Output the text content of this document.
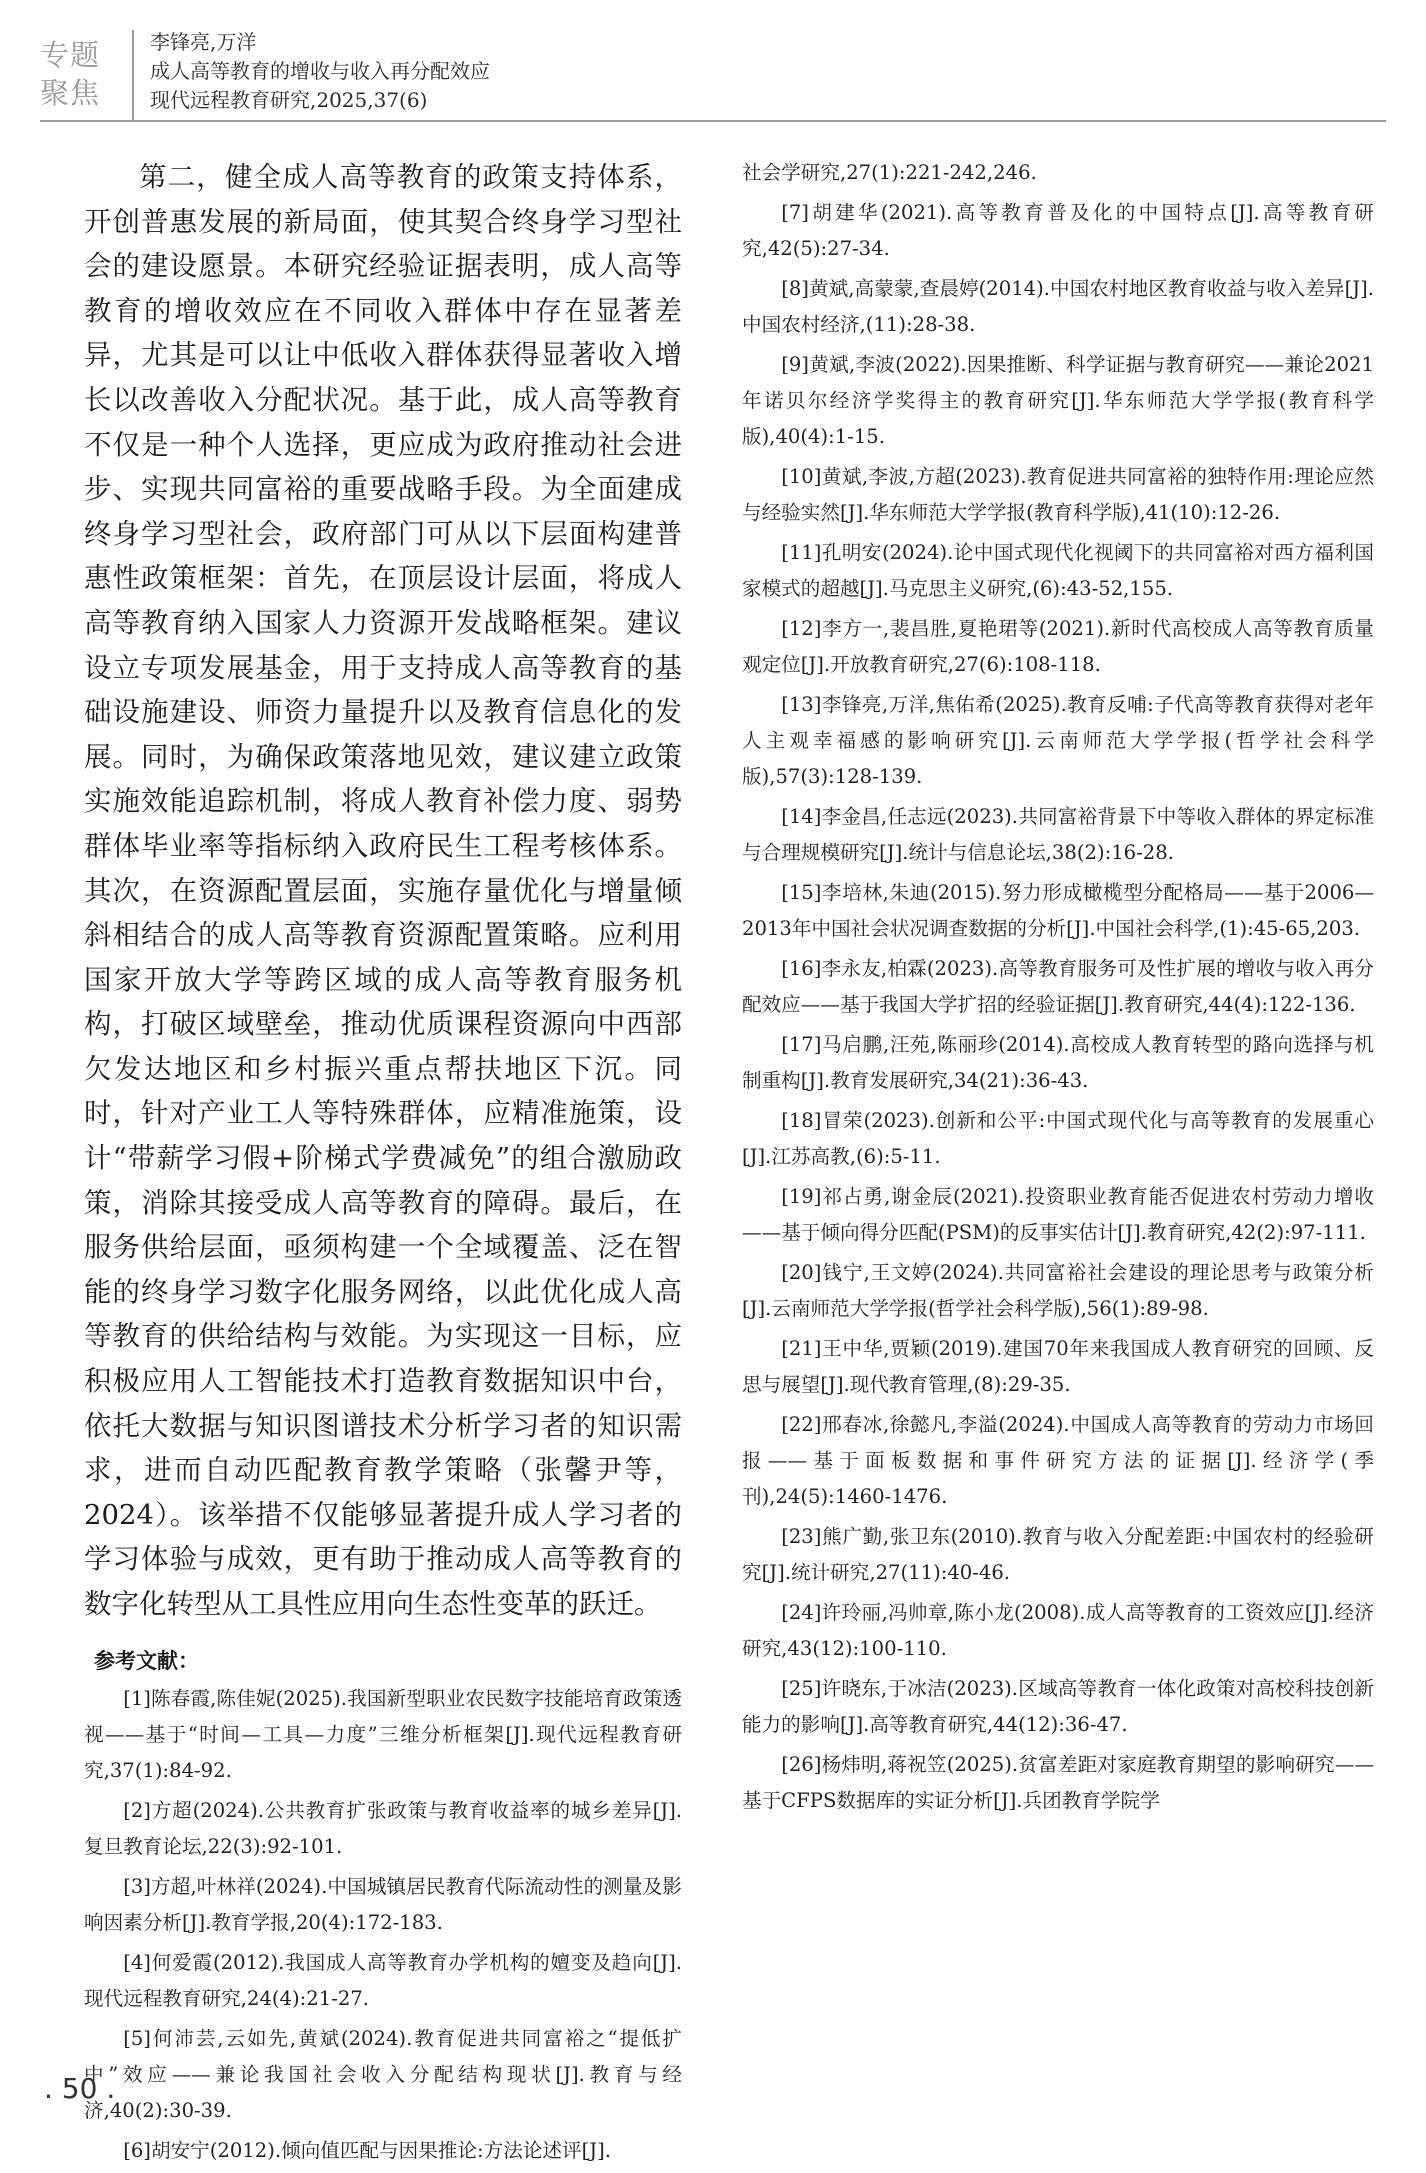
专题聚焦
李锋亮,万洋
成人高等教育的增收与收入再分配效应
现代远程教育研究,2025,37(6)

第二，健全成人高等教育的政策支持体系，开创普惠发展的新局面，使其契合终身学习型社会的建设愿景。本研究经验证据表明，成人高等教育的增收效应在不同收入群体中存在显著差异，尤其是可以让中低收入群体获得显著收入增长以改善收入分配状况。基于此，成人高等教育不仅是一种个人选择，更应成为政府推动社会进步、实现共同富裕的重要战略手段。为全面建成终身学习型社会，政府部门可从以下层面构建普惠性政策框架：首先，在顶层设计层面，将成人高等教育纳入国家人力资源开发战略框架。建议设立专项发展基金，用于支持成人高等教育的基础设施建设、师资力量提升以及教育信息化的发展。同时，为确保政策落地见效，建议建立政策实施效能追踪机制，将成人教育补偿力度、弱势群体毕业率等指标纳入政府民生工程考核体系。其次，在资源配置层面，实施存量优化与增量倾斜相结合的成人高等教育资源配置策略。应利用国家开放大学等跨区域的成人高等教育服务机构，打破区域壁垒，推动优质课程资源向中西部欠发达地区和乡村振兴重点帮扶地区下沉。同时，针对产业工人等特殊群体，应精准施策，设计“带薪学习假+阶梯式学费减免”的组合激励政策，消除其接受成人高等教育的障碍。最后，在服务供给层面，亟须构建一个全域覆盖、泛在智能的终身学习数字化服务网络，以此优化成人高等教育的供给结构与效能。为实现这一目标，应积极应用人工智能技术打造教育数据知识中台，依托大数据与知识图谱技术分析学习者的知识需求，进而自动匹配教育教学策略（张馨尹等，2024）。该举措不仅能够显著提升成人学习者的学习体验与成效，更有助于推动成人高等教育的数字化转型从工具性应用向生态性变革的跃迁。

参考文献：

[1]陈春霞,陈佳妮(2025).我国新型职业农民数字技能培育政策透视——基于“时间—工具—力度”三维分析框架[J].现代远程教育研究,37(1):84-92.

[2]方超(2024).公共教育扩张政策与教育收益率的城乡差异[J].复旦教育论坛,22(3):92-101.

[3]方超,叶林祥(2024).中国城镇居民教育代际流动性的测量及影响因素分析[J].教育学报,20(4):172-183.

[4]何爱霞(2012).我国成人高等教育办学机构的嬗变及趋向[J].现代远程教育研究,24(4):21-27.

[5]何沛芸,云如先,黄斌(2024).教育促进共同富裕之“提低扩中”效应——兼论我国社会收入分配结构现状[J].教育与经济,40(2):30-39.

[6]胡安宁(2012).倾向值匹配与因果推论:方法论述评[J].

社会学研究,27(1):221-242,246.

[7]胡建华(2021).高等教育普及化的中国特点[J].高等教育研究,42(5):27-34.

[8]黄斌,高蒙蒙,查晨婷(2014).中国农村地区教育收益与收入差异[J].中国农村经济,(11):28-38.

[9]黄斌,李波(2022).因果推断、科学证据与教育研究——兼论2021年诺贝尔经济学奖得主的教育研究[J].华东师范大学学报(教育科学版),40(4):1-15.

[10]黄斌,李波,方超(2023).教育促进共同富裕的独特作用:理论应然与经验实然[J].华东师范大学学报(教育科学版),41(10):12-26.

[11]孔明安(2024).论中国式现代化视阈下的共同富裕对西方福利国家模式的超越[J].马克思主义研究,(6):43-52,155.

[12]李方一,裴昌胜,夏艳珺等(2021).新时代高校成人高等教育质量观定位[J].开放教育研究,27(6):108-118.

[13]李锋亮,万洋,焦佑希(2025).教育反哺:子代高等教育获得对老年人主观幸福感的影响研究[J].云南师范大学学报(哲学社会科学版),57(3):128-139.

[14]李金昌,任志远(2023).共同富裕背景下中等收入群体的界定标准与合理规模研究[J].统计与信息论坛,38(2):16-28.

[15]李培林,朱迪(2015).努力形成橄榄型分配格局——基于2006—2013年中国社会状况调查数据的分析[J].中国社会科学,(1):45-65,203.

[16]李永友,柏霖(2023).高等教育服务可及性扩展的增收与收入再分配效应——基于我国大学扩招的经验证据[J].教育研究,44(4):122-136.

[17]马启鹏,汪苑,陈丽珍(2014).高校成人教育转型的路向选择与机制重构[J].教育发展研究,34(21):36-43.

[18]冒荣(2023).创新和公平:中国式现代化与高等教育的发展重心[J].江苏高教,(6):5-11.

[19]祁占勇,谢金辰(2021).投资职业教育能否促进农村劳动力增收——基于倾向得分匹配(PSM)的反事实估计[J].教育研究,42(2):97-111.

[20]钱宁,王文婷(2024).共同富裕社会建设的理论思考与政策分析[J].云南师范大学学报(哲学社会科学版),56(1):89-98.

[21]王中华,贾颖(2019).建国70年来我国成人教育研究的回顾、反思与展望[J].现代教育管理,(8):29-35.

[22]邢春冰,徐懿凡,李溢(2024).中国成人高等教育的劳动力市场回报——基于面板数据和事件研究方法的证据[J].经济学(季刊),24(5):1460-1476.

[23]熊广勤,张卫东(2010).教育与收入分配差距:中国农村的经验研究[J].统计研究,27(11):40-46.

[24]许玲丽,冯帅章,陈小龙(2008).成人高等教育的工资效应[J].经济研究,43(12):100-110.

[25]许晓东,于冰洁(2023).区域高等教育一体化政策对高校科技创新能力的影响[J].高等教育研究,44(12):36-47.

[26]杨炜明,蒋祝笠(2025).贫富差距对家庭教育期望的影响研究——基于CFPS数据库的实证分析[J].兵团教育学院学

. 50 .
